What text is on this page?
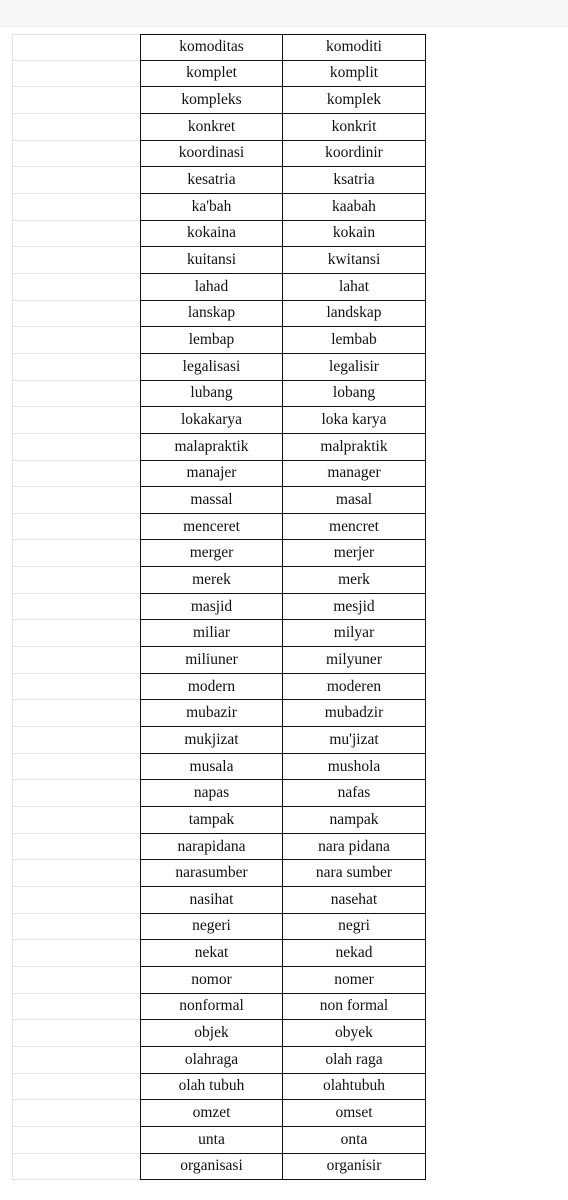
komoditas	komoditi
komplet	komplit
kompleks	komplek
konkret	konkrit
koordinasi	koordinir
kesatria	ksatria
ka'bah	kaabah
kokaina	kokain
kuitansi	kwitansi
lahad	lahat
lanskap	landskap
lembap	lembab
legalisasi	legalisir
lubang	lobang
lokakarya	loka karya
malapraktik	malpraktik
manajer	manager
massal	masal
menceret	mencret
merger	merjer
merek	merk
masjid	mesjid
miliar	milyar
miliuner	milyuner
modern	moderen
mubazir	mubadzir
mukjizat	mu'jizat
musala	mushola
napas	nafas
tampak	nampak
narapidana	nara pidana
narasumber	nara sumber
nasihat	nasehat
negeri	negri
nekat	nekad
nomor	nomer
nonformal	non formal
objek	obyek
olahraga	olah raga
olah tubuh	olahtubuh
omzet	omset
unta	onta
organisasi	organisir
